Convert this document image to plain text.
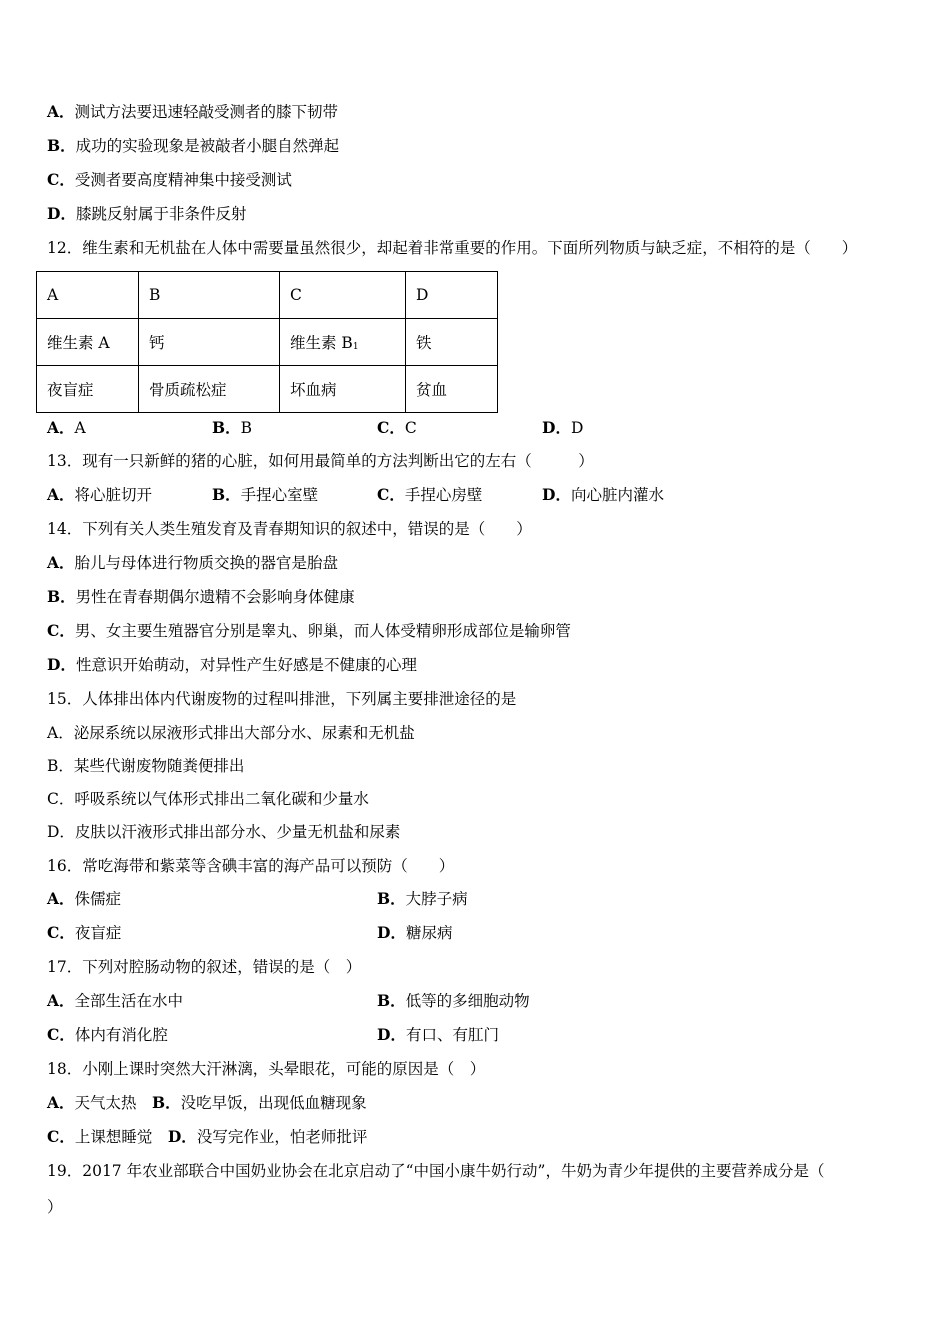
A．测试方法要迅速轻敲受测者的膝下韧带
B．成功的实验现象是被敲者小腿自然弹起
C．受测者要高度精神集中接受测试
D．膝跳反射属于非条件反射
12．维生素和无机盐在人体中需要量虽然很少，却起着非常重要的作用。下面所列物质与缺乏症，不相符的是（　　）
A	B	C	D
维生素 A	钙	维生素 $B_1$	铁
夜盲症	骨质疏松症	坏血病	贫血
A．A	B．B	C．C	D．D
13．现有一只新鲜的猪的心脏，如何用最简单的方法判断出它的左右（　　　）
A．将心脏切开	B．手捏心室壁	C．手捏心房壁	D．向心脏内灌水
14．下列有关人类生殖发育及青春期知识的叙述中，错误的是（　　）
A．胎儿与母体进行物质交换的器官是胎盘
B．男性在青春期偶尔遗精不会影响身体健康
C．男、女主要生殖器官分别是睾丸、卵巢，而人体受精卵形成部位是输卵管
D．性意识开始萌动，对异性产生好感是不健康的心理
15．人体排出体内代谢废物的过程叫排泄，下列属主要排泄途径的是
A．泌尿系统以尿液形式排出大部分水、尿素和无机盐
B．某些代谢废物随粪便排出
C．呼吸系统以气体形式排出二氧化碳和少量水
D．皮肤以汗液形式排出部分水、少量无机盐和尿素
16．常吃海带和紫菜等含碘丰富的海产品可以预防（　　）
A．侏儒症	B．大脖子病
C．夜盲症	D．糖尿病
17．下列对腔肠动物的叙述，错误的是（　）
A．全部生活在水中	B．低等的多细胞动物
C．体内有消化腔	D．有口、有肛门
18．小刚上课时突然大汗淋漓，头晕眼花，可能的原因是（　）
A．天气太热　B．没吃早饭，出现低血糖现象
C．上课想睡觉　D．没写完作业，怕老师批评
19．2017 年农业部联合中国奶业协会在北京启动了“中国小康牛奶行动”，牛奶为青少年提供的主要营养成分是（
）
